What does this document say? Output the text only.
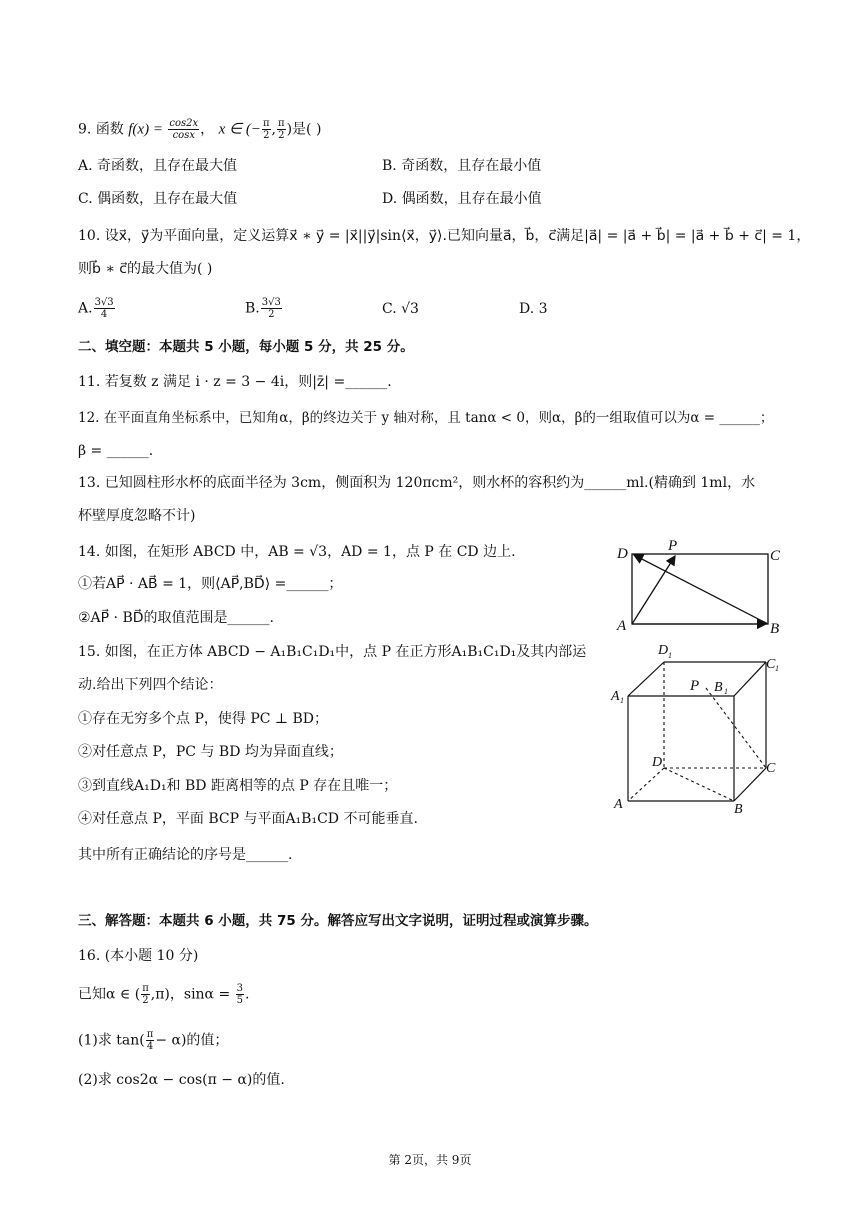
9. 函数 $f(x) = \frac{\cos 2x}{\cos x}$ ， x ∈ (− $\frac{\pi}{2}$ , $\frac{\pi}{2}$ )是( )
A. 奇函数，且存在最大值	B. 奇函数，且存在最小值
C. 偶函数，且存在最大值	D. 偶函数，且存在最小值
10. 设x⃗，y⃗为平面向量，定义运算x⃗ ∗ y⃗ = |x⃗||y⃗|sin⟨x⃗，y⃗⟩.已知向量a⃗，b⃗，c⃗满足|a⃗| = |a⃗ + b⃗| = |a⃗ + b⃗ + c⃗| = 1，
则b⃗ ∗ c⃗的最大值为( )
A. $\frac{3√3}{4}$	B. $\frac{3√3}{2}$	C. √3	D. 3
二、填空题：本题共 5 小题，每小题 5 分，共 25 分。
11. 若复数 z 满足 i · z = 3 − 4i，则|z̄| =______.
12. 在平面直角坐标系中，已知角α，β的终边关于 y 轴对称，且 tanα < 0，则α，β的一组取值可以为α = ______；
β = ______.
13. 已知圆柱形水杯的底面半径为 3cm，侧面积为 120πcm²，则水杯的容积约为______ml.(精确到 1ml，水
杯壁厚度忽略不计)
14. 如图，在矩形 ABCD 中，AB = √3，AD = 1，点 P 在 CD 边上.
①若AP⃗ · AB⃗ = 1，则⟨AP⃗,BD⃗⟩ =______；
②AP⃗ · BD⃗的取值范围是______.
D	P
C
A	B
15. 如图，在正方体 ABCD − A₁B₁C₁D₁中，点 P 在正方形A₁B₁C₁D₁及其内部运
动.给出下列四个结论：
①存在无穷多个点 P，使得 PC ⊥ BD；
②对任意点 P，PC 与 BD 均为异面直线；
③到直线A₁D₁和 BD 距离相等的点 P 存在且唯一；
④对任意点 P，平面 BCP 与平面A₁B₁CD 不可能垂直.
其中所有正确结论的序号是______.
D 1
C 1
A 1
P B 1
D	C
A	B
三、解答题：本题共 6 小题，共 75 分。解答应写出文字说明，证明过程或演算步骤。
16. (本小题 10 分)
已知α ∈ ( $\frac{\pi}{2} ,\pi$)，$\sin\alpha = \frac{3}{5}$ .
(1)求 $\tan( \frac{\pi}{4} - \alpha)$的值；
(2)求 cos2α − cos(π − α)的值.
第 2页，共 9页
